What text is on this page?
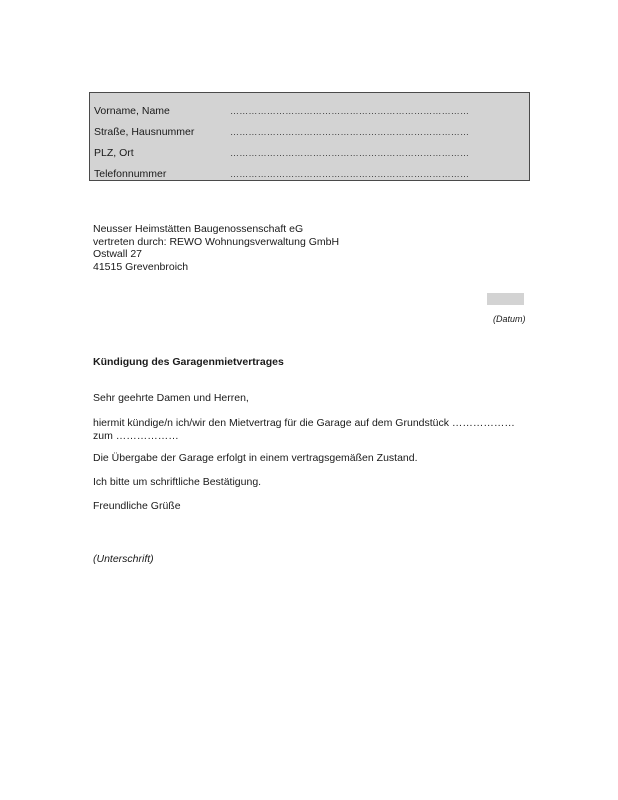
Vorname, Name	……………………………………………………………………
Straße, Hausnummer	……………………………………………………………………
PLZ, Ort	……………………………………………………………………
Telefonnummer	……………………………………………………………………
Neusser Heimstätten Baugenossenschaft eG
vertreten durch: REWO Wohnungsverwaltung GmbH
Ostwall 27
41515 Grevenbroich
(Datum)
Kündigung des Garagenmietvertrages
Sehr geehrte Damen und Herren,
hiermit kündige/n ich/wir den Mietvertrag für die Garage auf dem Grundstück ………………
zum ………………
Die Übergabe der Garage erfolgt in einem vertragsgemäßen Zustand.
Ich bitte um schriftliche Bestätigung.
Freundliche Grüße
(Unterschrift)
